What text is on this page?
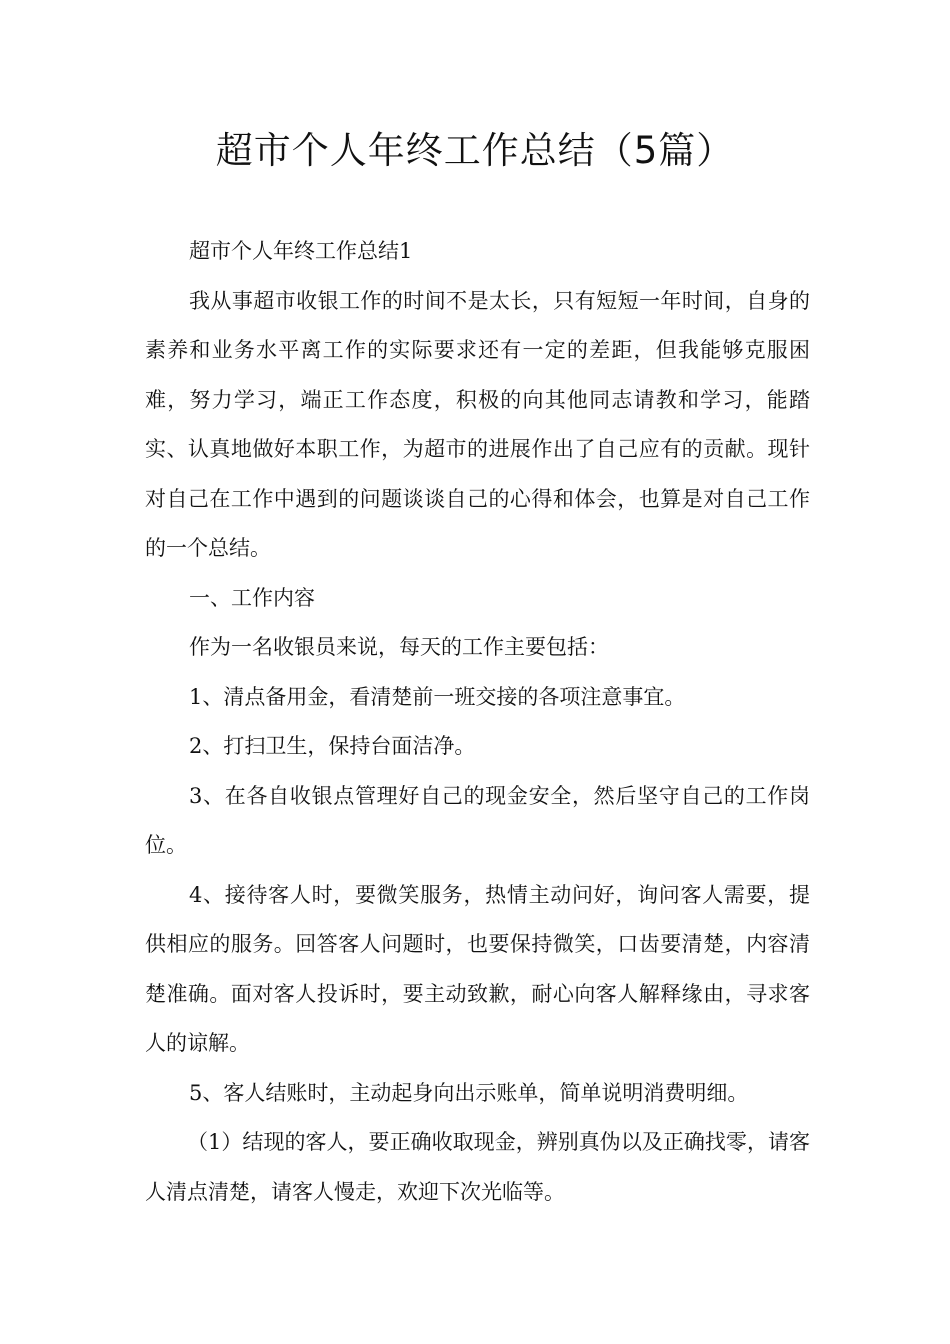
超市个人年终工作总结（5篇）

超市个人年终工作总结1

我从事超市收银工作的时间不是太长，只有短短一年时间，自身的素养和业务水平离工作的实际要求还有一定的差距，但我能够克服困难，努力学习，端正工作态度，积极的向其他同志请教和学习，能踏实、认真地做好本职工作，为超市的进展作出了自己应有的贡献。现针对自己在工作中遇到的问题谈谈自己的心得和体会，也算是对自己工作的一个总结。

一、工作内容

作为一名收银员来说，每天的工作主要包括：

1、清点备用金，看清楚前一班交接的各项注意事宜。

2、打扫卫生，保持台面洁净。

3、在各自收银点管理好自己的现金安全，然后坚守自己的工作岗位。

4、接待客人时，要微笑服务，热情主动问好，询问客人需要，提供相应的服务。回答客人问题时，也要保持微笑，口齿要清楚，内容清楚准确。面对客人投诉时，要主动致歉，耐心向客人解释缘由，寻求客人的谅解。

5、客人结账时，主动起身向出示账单，简单说明消费明细。

（1）结现的客人，要正确收取现金，辨别真伪以及正确找零，请客人清点清楚，请客人慢走，欢迎下次光临等。
